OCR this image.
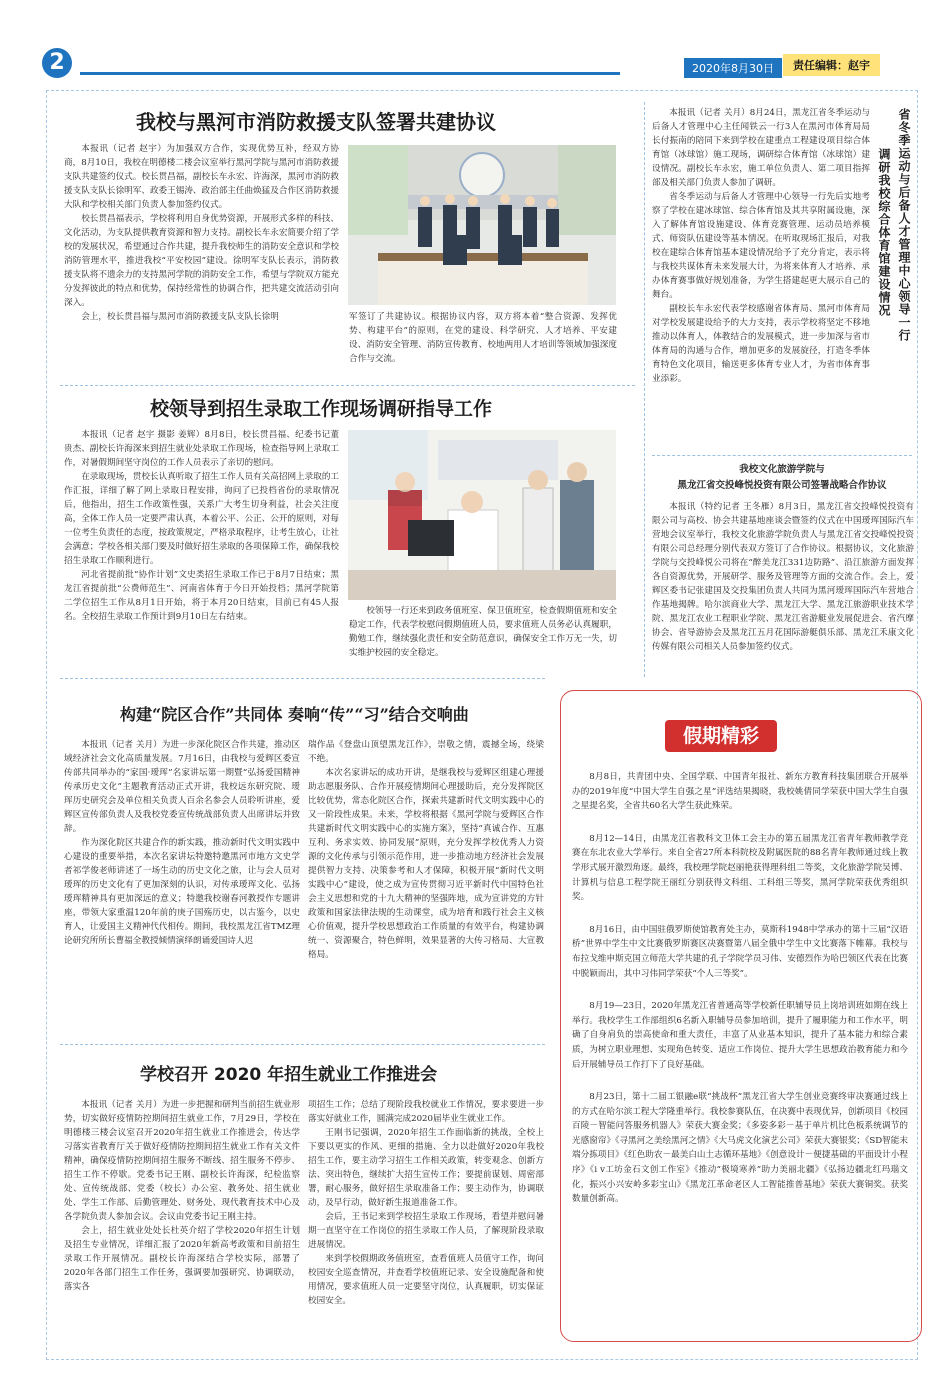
2	2020年8月30日	责任编辑：赵宇
我校与黑河市消防救援支队签署共建协议

本报讯（记者 赵宇）为加强双方合作，实现优势互补，经双方协商，8月10日，我校在明德楼二楼会议室举行黑河学院与黑河市消防救援支队共建签约仪式。校长贯昌福，副校长车永宏、许海深，黑河市消防救援支队支队长徐明军、政委王锡涛、政治部主任曲焕猛及合作区消防救援大队和学校相关部门负责人参加签约仪式。

校长贯昌福表示，学校将利用自身优势资源，开展形式多样的科技、文化活动，为支队提供教育资源和智力支持。副校长车永宏简要介绍了学校的发展状况，希望通过合作共建，提升我校师生的消防安全意识和学校消防管理水平，推进我校“平安校园”建设。徐明军支队长表示，消防救援支队将不遗余力的支持黑河学院的消防安全工作，希望与学院双方能充分发挥彼此的特点和优势，保持经常性的协调合作，把共建交流活动引向深入。

会上，校长贯昌福与黑河市消防救援支队支队长徐明	军签订了共建协议。根据协议内容，双方将本着“整合资源、发挥优势、构建平台”的原则，在党的建设、科学研究、人才培养、平安建设、消防安全管理、消防宣传教育、校地两用人才培训等领域加强深度合作与交流。

校领导到招生录取工作现场调研指导工作

本报讯（记者 赵宇 摄影 姜辉）8月8日，校长贯昌福、纪委书记董贵杰、副校长许海深来到招生就业处录取工作现场，检查指导网上录取工作，对暑假期间坚守岗位的工作人员表示了亲切的慰问。

在录取现场，贯校长认真听取了招生工作人员有关高招网上录取的工作汇报，详细了解了网上录取日程安排，询问了已投档省份的录取情况后，他指出，招生工作政策性强，关系广大考生切身利益，社会关注度高，全体工作人员一定要严肃认真，本着公平、公正、公开的原则，对每一位考生负责任的态度，按政策规定，严格录取程序，让考生放心，让社会满意；学校各相关部门要及时做好招生录取的各项保障工作，确保我校招生录取工作顺利进行。

河北省提前批“协作计划”文史类招生录取工作已于8月7日结束；黑龙江省提前批“公费师范生”、河南省体育于今日开始投档；黑河学院第二学位招生工作从8月1日开始，将于本月20日结束，目前已有45人报名。全校招生录取工作预计到9月10日左右结束。

校领导一行还来到政务值班室、保卫值班室，检查假期值班和安全稳定工作，代表学校慰问假期值班人员，要求值班人员务必认真履职，勤勉工作，继续强化责任和安全防范意识，确保安全工作万无一失，切实维护校园的安全稳定。

构建“院区合作”共同体 奏响“传”“习”结合交响曲

本报讯（记者 关月）为进一步深化院区合作共建，推动区域经济社会文化高质量发展。7月16日，由我校与爱辉区委宣传部共同举办的“家国·瑷珲”名家讲坛第一期暨“弘扬爱国精神传承历史文化”主题教育活动正式开讲，我校远东研究院、瑷珲历史研究会及单位相关负责人百余名参会人员聆听讲座，爱辉区宣传部负责人及我校党委宣传统战部负责人出席讲坛并致辞。

作为深化院区共建合作的新实践，推动新时代文明实践中心建设的重要举措，本次名家讲坛特邀特邀黑河市地方文史学者祁学俊老师讲述了一场生动的历史文化之旅，让与会人员对瑷珲的历史文化有了更加深刻的认识，对传承瑷珲文化、弘扬瑷珲精神具有更加深远的意义；特邀我校谢春河教授作专题讲座，带领大家重温120年前的庚子国殇历史，以古鉴今，以史育人，让爱国主义精神代代相传。期间，我校黑龙江省TMZ理论研究所所长曹福全教授倾情演绎朗诵爱国诗人迟

瑞作品《登盘山顶望黑龙江作》，崇敬之情，震撼全场，绕梁不绝。

本次名家讲坛的成功开讲，是继我校与爱辉区组建心理援助志愿服务队、合作开展疫情期间心理援助后，充分发挥院区比较优势，常态化院区合作，探索共建新时代文明实践中心的又一阶段性成果。未来，学校将根据《黑河学院与爱辉区合作共建新时代文明实践中心的实施方案》，坚持“真诚合作、互惠互利、务求实效、协同发展”原则，充分发挥学校优秀人力资源的文化传承与引领示范作用，进一步推动地方经济社会发展提供智力支持、决策参考和人才保障，积极开展“新时代文明实践中心”建设，使之成为宣传贯彻习近平新时代中国特色社会主义思想和党的十九大精神的坚强阵地，成为宣讲党的方针政策和国家法律法规的生动课堂，成为培育和践行社会主义核心价值观，提升学校思想政治工作质量的有效平台，构建协调统一、资源聚合，特色鲜明，效果显著的大传习格局、大宣教格局。

学校召开 2020 年招生就业工作推进会

本报讯（记者 关月）为进一步把握和研判当前招生就业形势，切实做好疫情防控期间招生就业工作，7月29日，学校在明德楼三楼会议室召开2020年招生就业工作推进会，传达学习落实省教育厅关于做好疫情防控期间招生就业工作有关文件精神，确保疫情防控期间招生服务不断线、招生服务不停步、招生工作不停歇。党委书记王刚、副校长许海深，纪检监察处、宣传统战部、党委（校长）办公室、教务处、招生就业处、学生工作部、后勤管理处、财务处、现代教育技术中心及各学院负责人参加会议。会议由党委书记王刚主持。

会上，招生就业处处长杜英介绍了学校2020年招生计划及招生专业情况，详细汇报了2020年新高考政策和目前招生录取工作开展情况。副校长许海深结合学校实际，部署了2020年各部门招生工作任务，强调要加强研究、协调联动，落实各

项招生工作；总结了现阶段我校就业工作情况，要求要进一步落实好就业工作，圆满完成2020届毕业生就业工作。

王刚书记强调，2020年招生工作面临新的挑战，全校上下要以更实的作风、更细的措施、全力以赴做好2020年我校招生工作，要主动学习招生工作相关政策，转变观念、创新方法、突出特色，继续扩大招生宣传工作；要提前谋划、周密部署，耐心服务，做好招生录取准备工作；要主动作为，协调联动，及早行动，做好新生报道准备工作。

会后，王书记来到学校招生录取工作现场，看望并慰问暑期一直坚守在工作岗位的招生录取工作人员，了解现阶段录取进展情况。

来到学校假期政务值班室，查看值班人员值守工作，询问校园安全巡查情况，并查看学校值班记录、安全设施配备和使用情况，要求值班人员一定要坚守岗位，认真履职，切实保证校园安全。

本报讯（记者 关月）8月24日，黑龙江省冬季运动与后备人才管理中心主任闻铁云一行3人在黑河市体育局局长付振南的陪同下来到学校在建重点工程建设项目综合体育馆（冰球馆）施工现场，调研综合体育馆（冰球馆）建设情况。副校长车永宏，施工单位负责人、第二项目指挥部及相关部门负责人参加了调研。

省冬季运动与后备人才管理中心领导一行先后实地考察了学校在建冰球馆、综合体育馆及其共享附属设施，深入了解体育馆设施建设、体育竞赛管理、运动员培养模式、师资队伍建设等基本情况。在听取现场汇报后，对我校在建综合体育馆基本建设情况给予了充分肯定，表示将与我校共谋体育未来发展大计，为将来体育人才培养、承办体育赛事做好规划准备，为学生搭建起更大展示自己的舞台。

副校长车永宏代表学校感谢省体育局、黑河市体育局对学校发展建设给予的大力支持，表示学校将坚定不移地推动以体育人，体教结合的发展模式，进一步加深与省市体育局的沟通与合作，增加更多的发展旋径，打造冬季体育特色文化项目，输送更多体育专业人才，为省市体育事业添彩。

省冬季运动与后备人才管理中心领导一行
调研我校综合体育馆建设情况
我校文化旅游学院与
黑龙江省交投峰悦投资有限公司签署战略合作协议

本报讯（特约记者 王冬雁）8月3日，黑龙江省交投峰悦投资有限公司与高校、协会共建基地座谈会暨签约仪式在中国瑷珲国际汽车营地会议室举行，我校文化旅游学院负责人与黑龙江省交投峰悦投资有限公司总经理分别代表双方签订了合作协议。根据协议，文化旅游学院与交投峰悦公司将在“醉美龙江331边防路”、沿江旅游方面发挥各自资源优势，开展研学、服务及管理等方面的交流合作。会上，爱辉区委书记张建国及交投集团负责人共同为黑河瑷珲国际汽车营地合作基地揭牌。哈尔滨商业大学、黑龙江大学、黑龙江旅游职业技术学院、黑龙江农业工程职业学院、黑龙江省游艇业发展促进会、省汽摩协会、省导游协会及黑龙江五月花国际游艇俱乐部、黑龙江禾康文化传媒有限公司相关人员参加签约仪式。

假期精彩

8月8日，共青团中央、全国学联、中国青年报社、新东方教育科技集团联合开展举办的2019年度“中国大学生自强之星”评选结果揭晓，我校姚倩同学荣获中国大学生自强之星提名奖，全省共60名大学生获此殊荣。

8月12—14日，由黑龙江省教科文卫体工会主办的第五届黑龙江省青年教师教学竞赛在东北农业大学举行。来自全省27所本科院校及附属医院的88名青年教师通过线上教学形式展开激烈角逐。最终，我校理学院赵丽艳获得理科组二等奖，文化旅游学院吴博、计算机与信息工程学院王丽红分别获得文科组、工科组三等奖，黑河学院荣获优秀组织奖。

8月16日，由中国驻俄罗斯使馆教育处主办，莫斯科1948中学承办的第十三届“汉语桥”世界中学生中文比赛俄罗斯赛区决赛暨第八届全俄中学生中文比赛落下帷幕。我校与布拉戈维申斯克国立师范大学共建的孔子学院学员习伟、安德烈作为哈巴领区代表在比赛中脱颖而出，其中习伟同学荣获“个人三等奖”。

8月19—23日，2020年黑龙江省普通高等学校新任职辅导员上岗培训班如期在线上举行。我校学生工作部组织6名新入职辅导员参加培训，提升了履职能力和工作水平，明确了自身肩负的崇高使命和重大责任，丰富了从业基本知识，提升了基本能力和综合素质，为树立职业理想、实现角色转变、适应工作岗位、提升大学生思想政治教育能力和今后开展辅导员工作打下了良好基础。

8月23日，第十二届工银融e联“挑战杯”黑龙江省大学生创业竞赛终审决赛通过线上的方式在哈尔滨工程大学隆重举行。我校参赛队伍，在决赛中表现优异，创新项目《校园百陵－智能问答服务机器人》荣获大赛金奖；《多姿多彩－基于单片机比色板系统调节的光感窗帘》《寻黑河之美绘黑河之情》《大马虎文化演艺公司》荣获大赛银奖；《SD智能末端分拣项目》《红色助农－最美白山土志循环基地》《创意设计－便捷基础的平面设计小程序》《i v工坊金石文创工作室》《推动“极境寒养”助力美丽北疆》《弘扬边疆北红玛瑙文化，振兴小兴安岭多彩宝山》《黑龙江革命老区人工智能推普基地》荣获大赛铜奖。获奖数量创新高。
